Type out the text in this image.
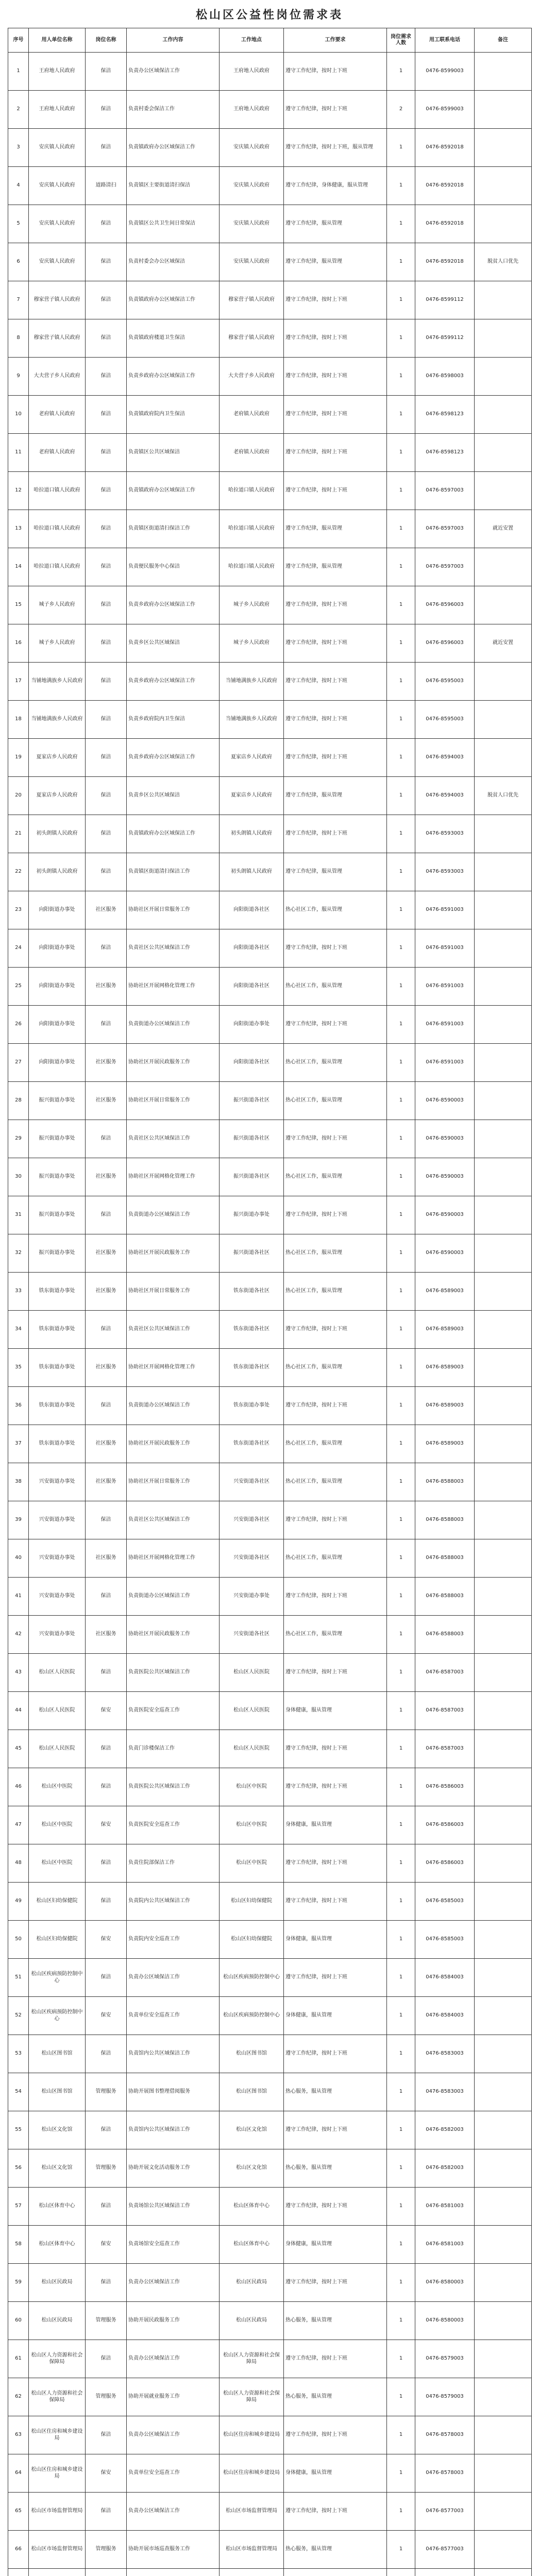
松山区公益性岗位需求表
序号	用人单位名称	岗位名称	工作内容	工作地点	工作要求	岗位需求人数	用工联系电话	备注
1	王府地人民政府	保洁	负责办公区域保洁工作	王府地人民政府	遵守工作纪律，按时上下班	1	0476-8599003	
2	王府地人民政府	保洁	负责村委会保洁工作	王府地人民政府	遵守工作纪律，按时上下班	2	0476-8599003	
3	安庆镇人民政府	保洁	负责镇政府办公区域保洁工作	安庆镇人民政府	遵守工作纪律，按时上下班，服从管理	1	0476-8592018	
4	安庆镇人民政府	道路清扫	负责镇区主要街道清扫保洁	安庆镇人民政府	遵守工作纪律，身体健康，服从管理	1	0476-8592018	
5	安庆镇人民政府	保洁	负责镇区公共卫生间日常保洁	安庆镇人民政府	遵守工作纪律，服从管理	1	0476-8592018	
6	安庆镇人民政府	保洁	负责村委会办公区域保洁	安庆镇人民政府	遵守工作纪律，服从管理	1	0476-8592018	脱贫人口优先
7	穆家营子镇人民政府	保洁	负责镇政府办公区域保洁工作	穆家营子镇人民政府	遵守工作纪律，按时上下班	1	0476-8599112	
8	穆家营子镇人民政府	保洁	负责镇政府楼道卫生保洁	穆家营子镇人民政府	遵守工作纪律，按时上下班	1	0476-8599112	
9	大夫营子乡人民政府	保洁	负责乡政府办公区域保洁工作	大夫营子乡人民政府	遵守工作纪律，按时上下班	1	0476-8598003	
10	老府镇人民政府	保洁	负责镇政府院内卫生保洁	老府镇人民政府	遵守工作纪律，按时上下班	1	0476-8598123	
11	老府镇人民政府	保洁	负责镇区公共区域保洁	老府镇人民政府	遵守工作纪律，按时上下班	1	0476-8598123	
12	哈拉道口镇人民政府	保洁	负责镇政府办公区域保洁工作	哈拉道口镇人民政府	遵守工作纪律，按时上下班	1	0476-8597003	
13	哈拉道口镇人民政府	保洁	负责镇区街道清扫保洁工作	哈拉道口镇人民政府	遵守工作纪律，服从管理	1	0476-8597003	就近安置
14	哈拉道口镇人民政府	保洁	负责便民服务中心保洁	哈拉道口镇人民政府	遵守工作纪律，服从管理	1	0476-8597003	
15	城子乡人民政府	保洁	负责乡政府办公区域保洁工作	城子乡人民政府	遵守工作纪律，按时上下班	1	0476-8596003	
16	城子乡人民政府	保洁	负责乡区公共区域保洁	城子乡人民政府	遵守工作纪律，按时上下班	1	0476-8596003	就近安置
17	当铺地满族乡人民政府	保洁	负责乡政府办公区域保洁工作	当铺地满族乡人民政府	遵守工作纪律，按时上下班	1	0476-8595003	
18	当铺地满族乡人民政府	保洁	负责乡政府院内卫生保洁	当铺地满族乡人民政府	遵守工作纪律，按时上下班	1	0476-8595003	
19	夏家店乡人民政府	保洁	负责乡政府办公区域保洁工作	夏家店乡人民政府	遵守工作纪律，按时上下班	1	0476-8594003	
20	夏家店乡人民政府	保洁	负责乡区公共区域保洁	夏家店乡人民政府	遵守工作纪律，服从管理	1	0476-8594003	脱贫人口优先
21	初头朗镇人民政府	保洁	负责镇政府办公区域保洁工作	初头朗镇人民政府	遵守工作纪律，按时上下班	1	0476-8593003	
22	初头朗镇人民政府	保洁	负责镇区街道清扫保洁工作	初头朗镇人民政府	遵守工作纪律，服从管理	1	0476-8593003	
23	向阳街道办事处	社区服务	协助社区开展日常服务工作	向阳街道各社区	热心社区工作，服从管理	1	0476-8591003	
24	向阳街道办事处	保洁	负责社区公共区域保洁工作	向阳街道各社区	遵守工作纪律，按时上下班	1	0476-8591003	
25	向阳街道办事处	社区服务	协助社区开展网格化管理工作	向阳街道各社区	热心社区工作，服从管理	1	0476-8591003	
26	向阳街道办事处	保洁	负责街道办公区域保洁工作	向阳街道办事处	遵守工作纪律，按时上下班	1	0476-8591003	
27	向阳街道办事处	社区服务	协助社区开展民政服务工作	向阳街道各社区	热心社区工作，服从管理	1	0476-8591003	
28	振兴街道办事处	社区服务	协助社区开展日常服务工作	振兴街道各社区	热心社区工作，服从管理	1	0476-8590003	
29	振兴街道办事处	保洁	负责社区公共区域保洁工作	振兴街道各社区	遵守工作纪律，按时上下班	1	0476-8590003	
30	振兴街道办事处	社区服务	协助社区开展网格化管理工作	振兴街道各社区	热心社区工作，服从管理	1	0476-8590003	
31	振兴街道办事处	保洁	负责街道办公区域保洁工作	振兴街道办事处	遵守工作纪律，按时上下班	1	0476-8590003	
32	振兴街道办事处	社区服务	协助社区开展民政服务工作	振兴街道各社区	热心社区工作，服从管理	1	0476-8590003	
33	铁东街道办事处	社区服务	协助社区开展日常服务工作	铁东街道各社区	热心社区工作，服从管理	1	0476-8589003	
34	铁东街道办事处	保洁	负责社区公共区域保洁工作	铁东街道各社区	遵守工作纪律，按时上下班	1	0476-8589003	
35	铁东街道办事处	社区服务	协助社区开展网格化管理工作	铁东街道各社区	热心社区工作，服从管理	1	0476-8589003	
36	铁东街道办事处	保洁	负责街道办公区域保洁工作	铁东街道办事处	遵守工作纪律，按时上下班	1	0476-8589003	
37	铁东街道办事处	社区服务	协助社区开展民政服务工作	铁东街道各社区	热心社区工作，服从管理	1	0476-8589003	
38	兴安街道办事处	社区服务	协助社区开展日常服务工作	兴安街道各社区	热心社区工作，服从管理	1	0476-8588003	
39	兴安街道办事处	保洁	负责社区公共区域保洁工作	兴安街道各社区	遵守工作纪律，按时上下班	1	0476-8588003	
40	兴安街道办事处	社区服务	协助社区开展网格化管理工作	兴安街道各社区	热心社区工作，服从管理	1	0476-8588003	
41	兴安街道办事处	保洁	负责街道办公区域保洁工作	兴安街道办事处	遵守工作纪律，按时上下班	1	0476-8588003	
42	兴安街道办事处	社区服务	协助社区开展民政服务工作	兴安街道各社区	热心社区工作，服从管理	1	0476-8588003	
43	松山区人民医院	保洁	负责医院公共区域保洁工作	松山区人民医院	遵守工作纪律，按时上下班	1	0476-8587003	
44	松山区人民医院	保安	负责医院安全巡查工作	松山区人民医院	身体健康，服从管理	1	0476-8587003	
45	松山区人民医院	保洁	负责门诊楼保洁工作	松山区人民医院	遵守工作纪律，按时上下班	1	0476-8587003	
46	松山区中医院	保洁	负责医院公共区域保洁工作	松山区中医院	遵守工作纪律，按时上下班	1	0476-8586003	
47	松山区中医院	保安	负责医院安全巡查工作	松山区中医院	身体健康，服从管理	1	0476-8586003	
48	松山区中医院	保洁	负责住院部保洁工作	松山区中医院	遵守工作纪律，按时上下班	1	0476-8586003	
49	松山区妇幼保健院	保洁	负责院内公共区域保洁工作	松山区妇幼保健院	遵守工作纪律，按时上下班	1	0476-8585003	
50	松山区妇幼保健院	保安	负责院内安全巡查工作	松山区妇幼保健院	身体健康，服从管理	1	0476-8585003	
51	松山区疾病预防控制中心	保洁	负责办公区域保洁工作	松山区疾病预防控制中心	遵守工作纪律，按时上下班	1	0476-8584003	
52	松山区疾病预防控制中心	保安	负责单位安全巡查工作	松山区疾病预防控制中心	身体健康，服从管理	1	0476-8584003	
53	松山区图书馆	保洁	负责馆内公共区域保洁工作	松山区图书馆	遵守工作纪律，按时上下班	1	0476-8583003	
54	松山区图书馆	管理服务	协助开展图书整理借阅服务	松山区图书馆	热心服务，服从管理	1	0476-8583003	
55	松山区文化馆	保洁	负责馆内公共区域保洁工作	松山区文化馆	遵守工作纪律，按时上下班	1	0476-8582003	
56	松山区文化馆	管理服务	协助开展文化活动服务工作	松山区文化馆	热心服务，服从管理	1	0476-8582003	
57	松山区体育中心	保洁	负责场馆公共区域保洁工作	松山区体育中心	遵守工作纪律，按时上下班	1	0476-8581003	
58	松山区体育中心	保安	负责场馆安全巡查工作	松山区体育中心	身体健康，服从管理	1	0476-8581003	
59	松山区民政局	保洁	负责办公区域保洁工作	松山区民政局	遵守工作纪律，按时上下班	1	0476-8580003	
60	松山区民政局	管理服务	协助开展民政服务工作	松山区民政局	热心服务，服从管理	1	0476-8580003	
61	松山区人力资源和社会保障局	保洁	负责办公区域保洁工作	松山区人力资源和社会保障局	遵守工作纪律，按时上下班	1	0476-8579003	
62	松山区人力资源和社会保障局	管理服务	协助开展就业服务工作	松山区人力资源和社会保障局	热心服务，服从管理	1	0476-8579003	
63	松山区住房和城乡建设局	保洁	负责办公区域保洁工作	松山区住房和城乡建设局	遵守工作纪律，按时上下班	1	0476-8578003	
64	松山区住房和城乡建设局	保安	负责单位安全巡查工作	松山区住房和城乡建设局	身体健康，服从管理	1	0476-8578003	
65	松山区市场监督管理局	保洁	负责办公区域保洁工作	松山区市场监督管理局	遵守工作纪律，按时上下班	1	0476-8577003	
66	松山区市场监督管理局	管理服务	协助开展市场巡查服务工作	松山区市场监督管理局	热心服务，服从管理	1	0476-8577003	
